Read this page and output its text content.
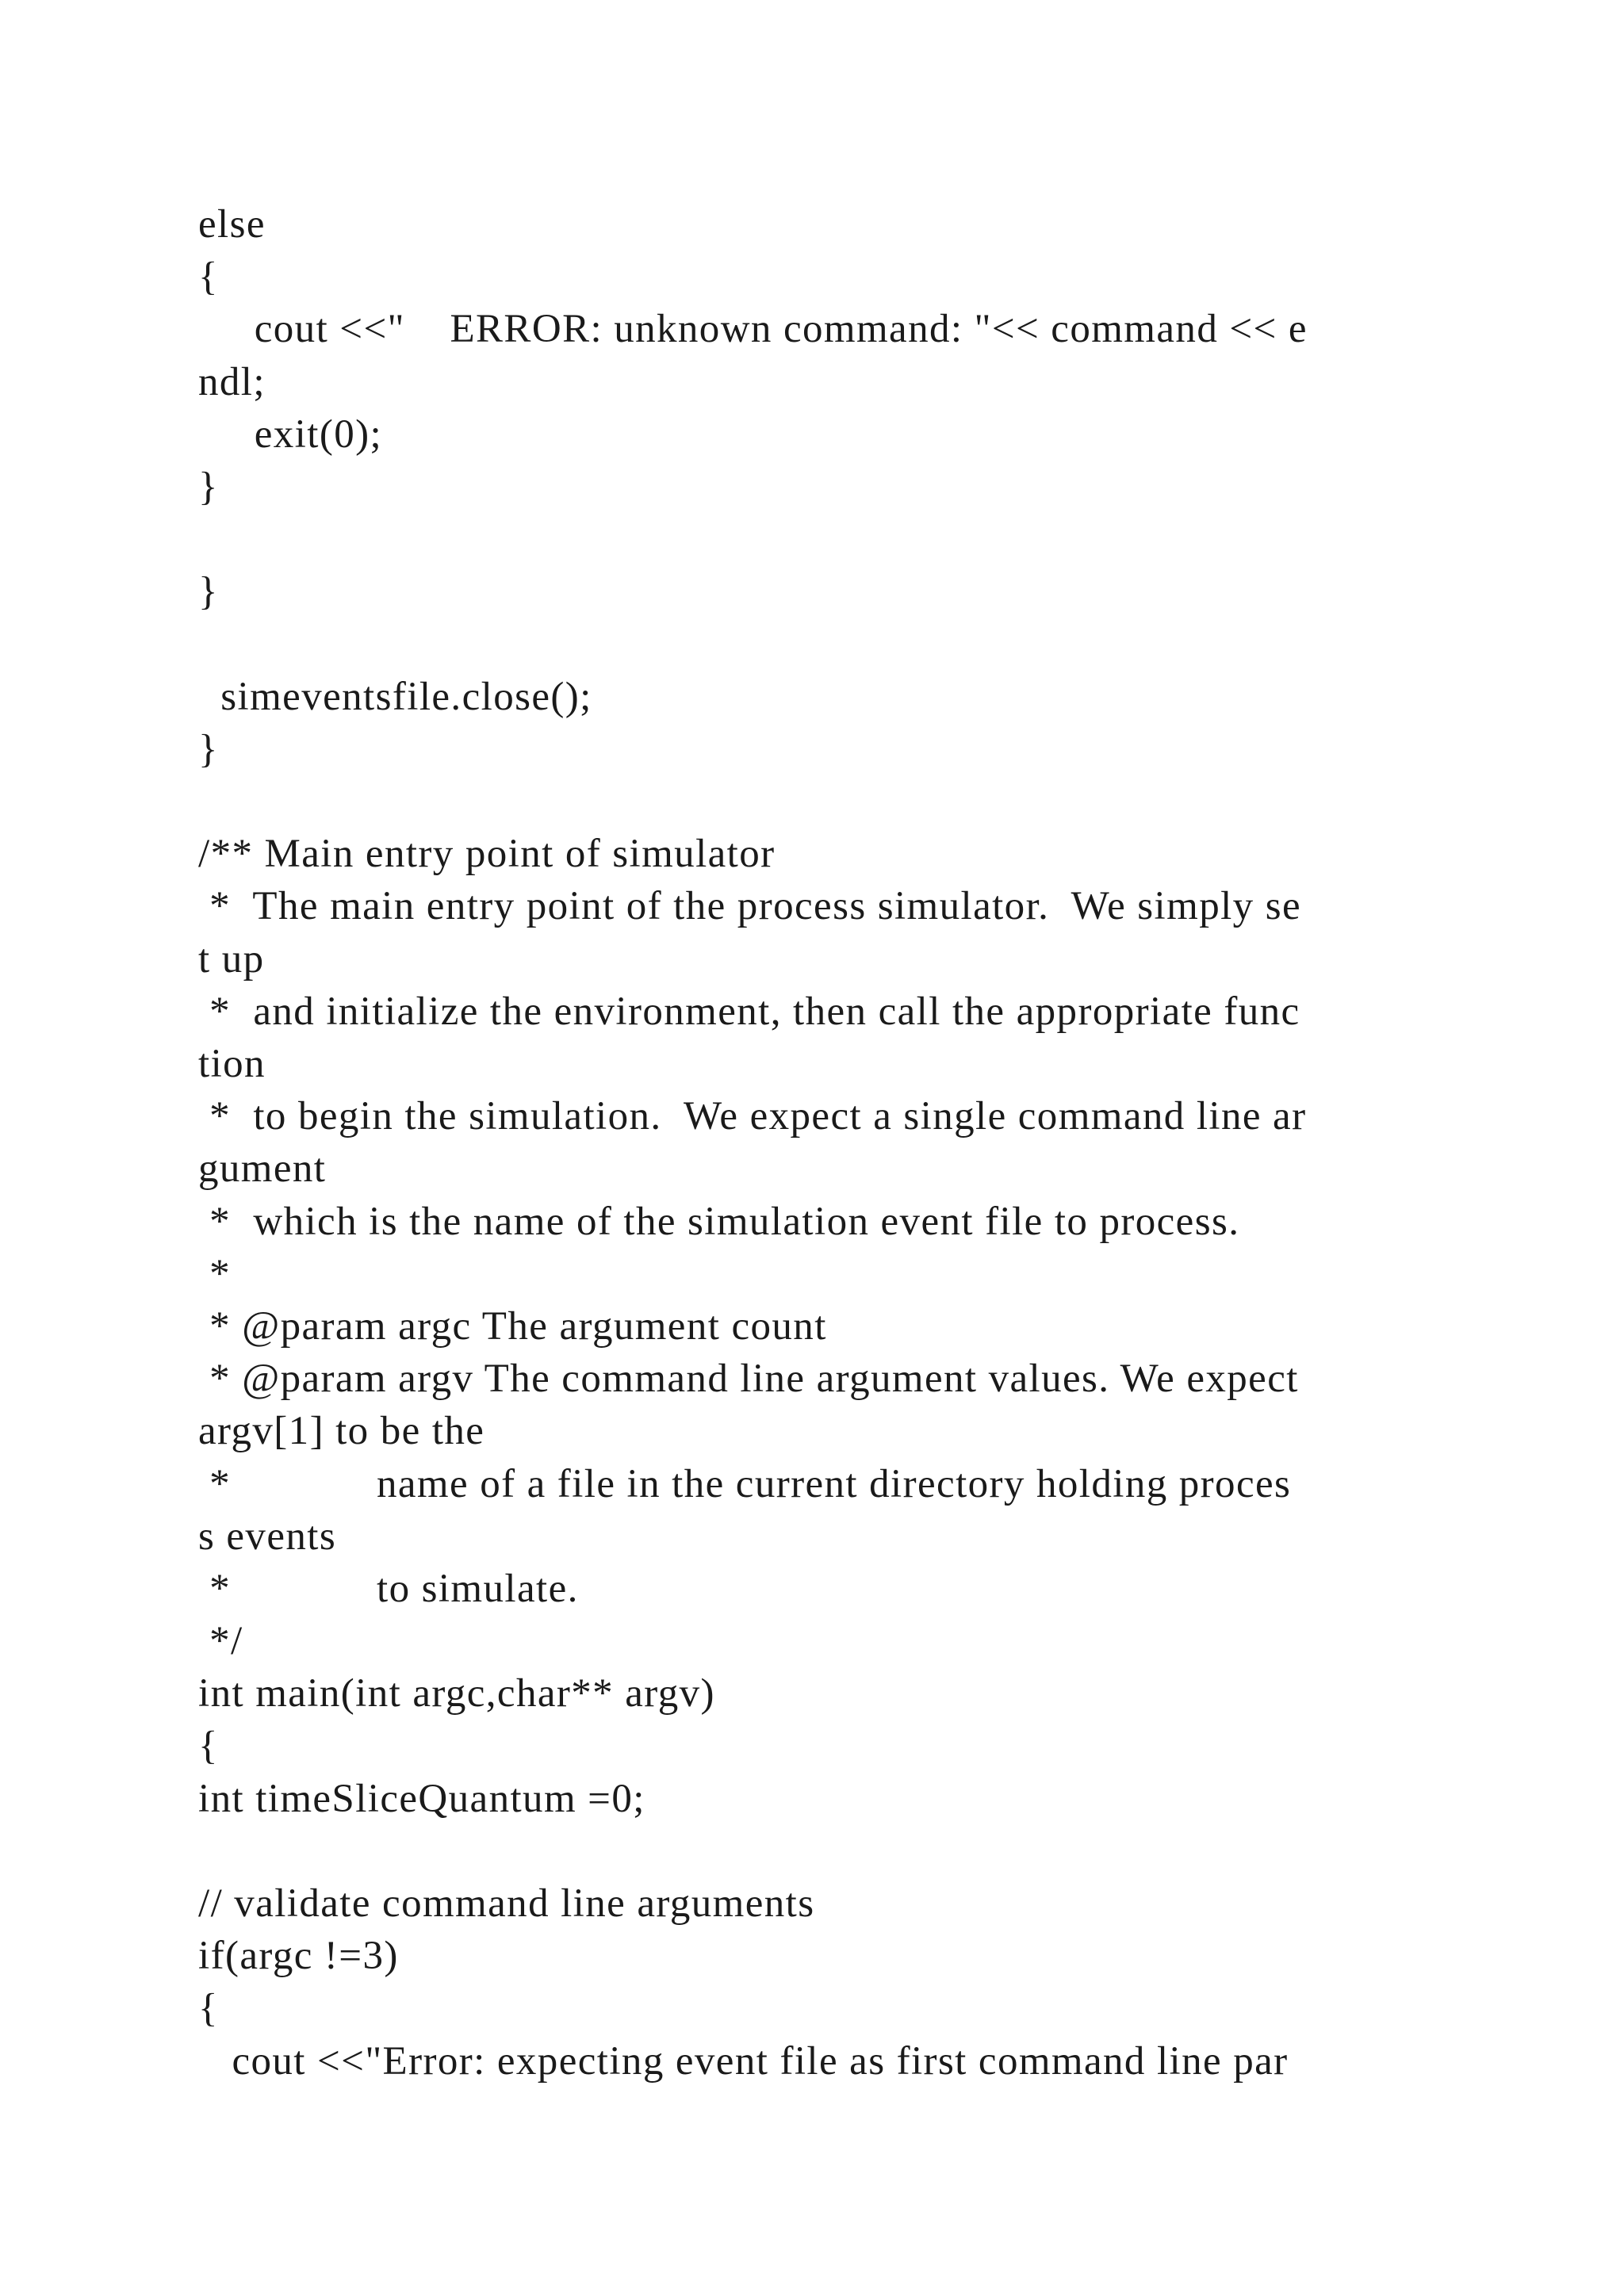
else
{
cout <<"    ERROR: unknown command: "<< command << e
ndl;
exit(0);
}
}
simeventsfile.close();
}
/** Main entry point of simulator
*  The main entry point of the process simulator.  We simply se
t up
*  and initialize the environment, then call the appropriate func
tion
*  to begin the simulation.  We expect a single command line ar
gument
*  which is the name of the simulation event file to process.
*
* @param argc The argument count
* @param argv The command line argument values. We expect
argv[1] to be the
*             name of a file in the current directory holding proces
s events
*             to simulate.
*/
int main(int argc,char** argv)
{
int timeSliceQuantum =0;
// validate command line arguments
if(argc !=3)
{
cout <<"Error: expecting event file as first command line par
